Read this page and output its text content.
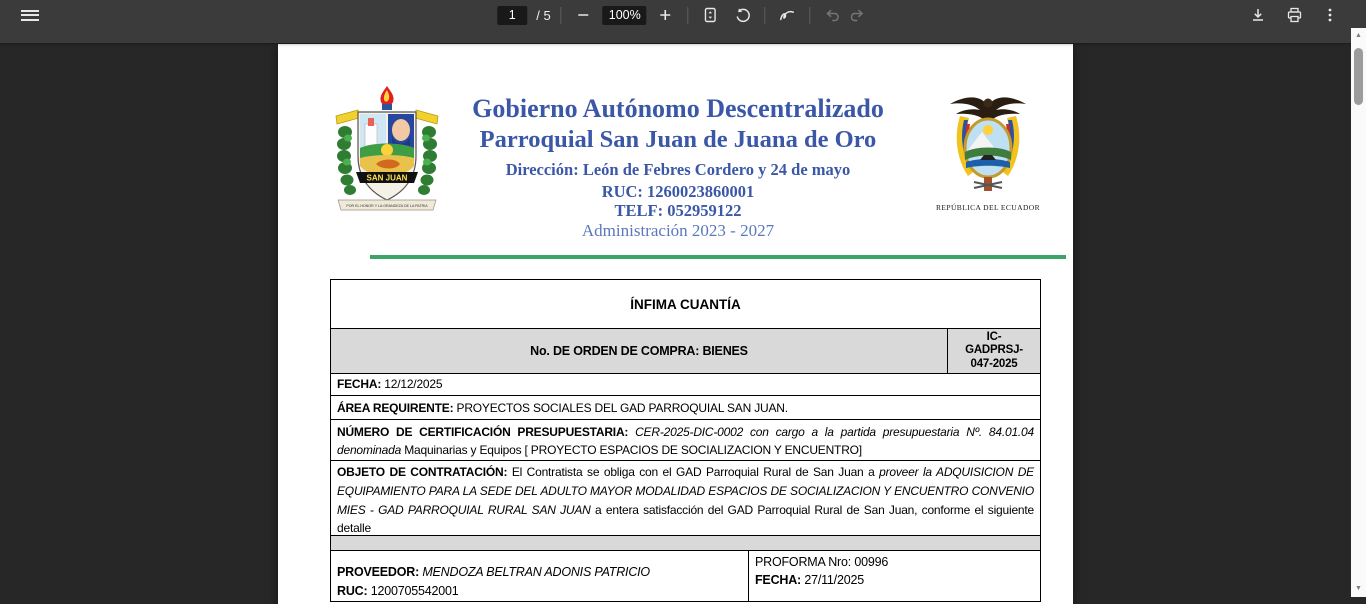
1
/ 5	100%
▲
▼
SAN JUAN
POR EL HONOR Y LA GRANDEZA DE LA PATRIA
Gobierno Autónomo Descentralizado
Parroquial San Juan de Juana de Oro
Dirección: León de Febres Cordero y 24 de mayo
RUC: 1260023860001
TELF: 052959122
Administración 2023 - 2027
REPÚBLICA DEL ECUADOR
ÍNFIMA CUANTÍA
No. DE ORDEN DE COMPRA: BIENES
IC-
GADPRSJ-
047-2025
FECHA: 12/12/2025
ÁREA REQUIRENTE: PROYECTOS SOCIALES DEL GAD PARROQUIAL SAN JUAN.
NÚMERO DE CERTIFICACIÓN PRESUPUESTARIA: CER-2025-DIC-0002 con cargo a la partida presupuestaria Nº. 84.01.04 denominada Maquinarias y Equipos [ PROYECTO ESPACIOS DE SOCIALIZACION Y ENCUENTRO]
OBJETO DE CONTRATACIÓN: El Contratista se obliga con el GAD Parroquial Rural de San Juan a proveer la ADQUISICION DE EQUIPAMIENTO PARA LA SEDE DEL ADULTO MAYOR MODALIDAD ESPACIOS DE SOCIALIZACION Y ENCUENTRO CONVENIO MIES - GAD PARROQUIAL RURAL SAN JUAN a entera satisfacción del GAD Parroquial Rural de San Juan, conforme el siguiente detalle
PROVEEDOR: MENDOZA BELTRAN ADONIS PATRICIO
RUC: 1200705542001
PROFORMA Nro: 00996
FECHA: 27/11/2025
